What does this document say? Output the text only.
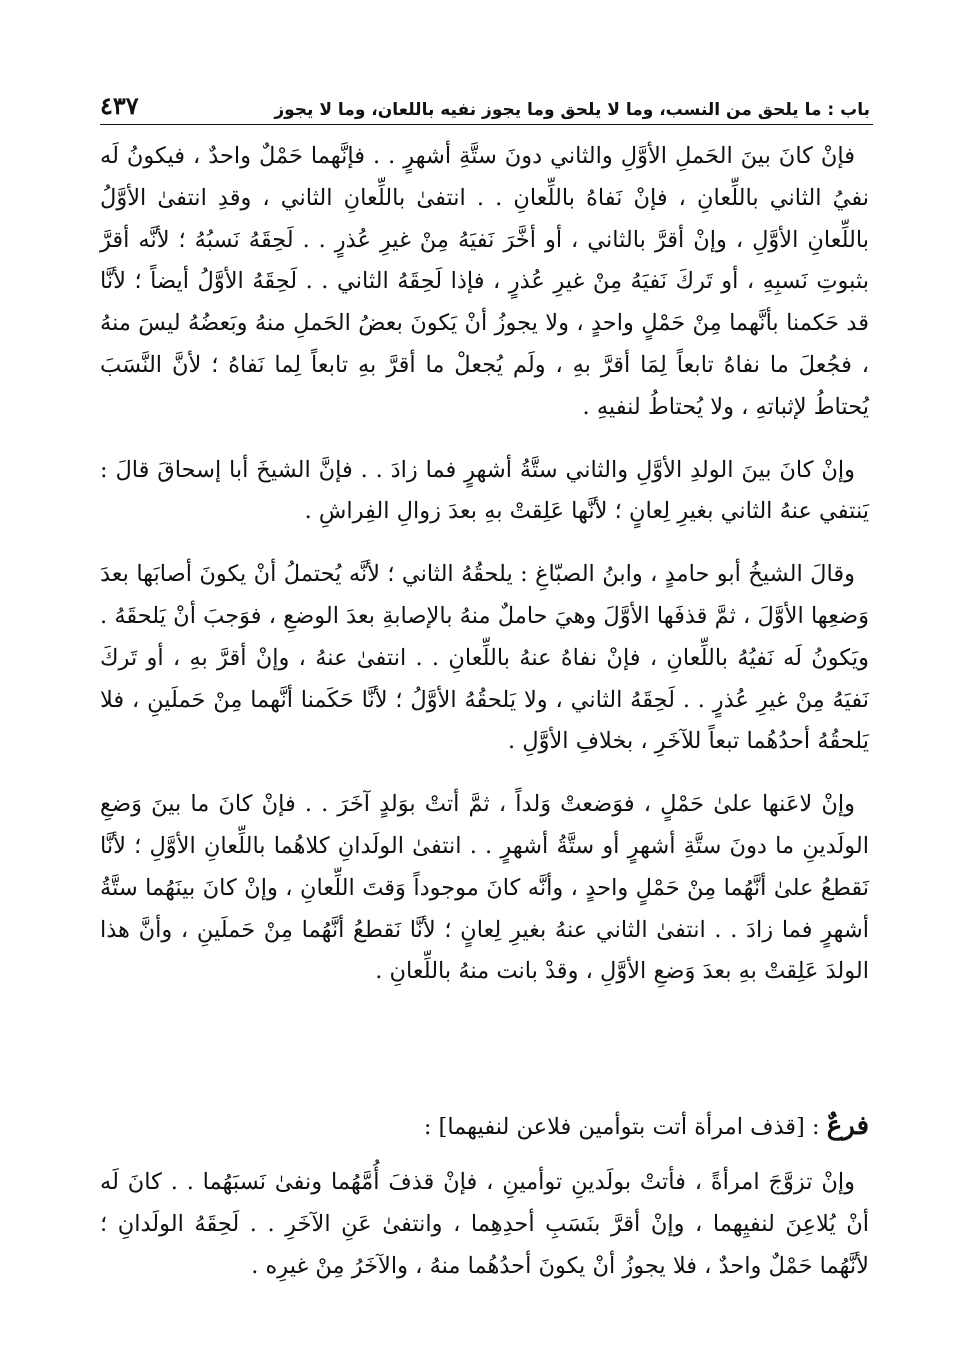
باب : ما يلحق من النسب، وما لا يلحق وما يجوز نفيه باللعان، وما لا يجوز
٤٣٧

فإنْ كانَ بينَ الحَملِ الأوَّلِ والثاني دونَ ستَّةِ أشهرٍ . . فإنَّهما حَمْلٌ واحدٌ ، فيكونُ لَه نفيُ الثاني باللِّعانِ ، فإنْ نَفاهُ باللِّعانِ . . انتفىٰ باللِّعانِ الثاني ، وقدِ انتفىٰ الأوَّلُ باللِّعانِ الأوَّلِ ، وإنْ أقرَّ بالثاني ، أو أخَّرَ نَفيَهُ مِنْ غيرِ عُذرٍ . . لَحِقَهُ نَسبُهُ ؛ لأنَّه أقرَّ بثبوتِ نَسبِهِ ، أو تَركَ نَفيَهُ مِنْ غيرِ عُذرٍ ، فإذا لَحِقَهُ الثاني . . لَحِقَهُ الأوَّلُ أيضاً ؛ لأنَّا قد حَكمنا بأنَّهما مِنْ حَمْلٍ واحدٍ ، ولا يجوزُ أنْ يَكونَ بعضُ الحَملِ منهُ وبَعضُهُ ليسَ منهُ ، فجُعلَ ما نفاهُ تابعاً لِمَا أقرَّ بهِ ، ولَم يُجعلْ ما أقرَّ بهِ تابعاً لِما نَفاهُ ؛ لأنَّ النَّسَبَ يُحتاطُ لإثباتهِ ، ولا يُحتاطُ لنفيهِ .

وإنْ كانَ بينَ الولدِ الأوَّلِ والثاني ستَّةُ أشهرٍ فما زادَ . . فإنَّ الشيخَ أبا إسحاقَ قالَ : يَنتفي عنهُ الثاني بغيرِ لِعانٍ ؛ لأنَّها عَلِقتْ بهِ بعدَ زوالِ الفِراشِ .

وقالَ الشيخُ أبو حامدٍ ، وابنُ الصبّاغِ : يلحقُهُ الثاني ؛ لأنَّه يُحتملُ أنْ يكونَ أصابَها بعدَ وَضعِها الأوَّلَ ، ثمَّ قذفَها الأوَّلَ وهيَ حاملٌ منهُ بالإصابةِ بعدَ الوضعِ ، فوَجبَ أنْ يَلحقَهُ . ويَكونُ لَه نَفيُهُ باللِّعانِ ، فإنْ نفاهُ عنهُ باللِّعانِ . . انتفىٰ عنهُ ، وإنْ أقرَّ بهِ ، أو تَركَ نَفيَهُ مِنْ غيرِ عُذرٍ . . لَحِقَهُ الثاني ، ولا يَلحقُهُ الأوَّلُ ؛ لأنَّا حَكَمنا أنَّهما مِنْ حَملَينِ ، فلا يَلحقُهُ أحدُهُما تبعاً للآخَرِ ، بخلافِ الأوَّلِ .

وإنْ لاعَنها علىٰ حَمْلٍ ، فوَضعتْ وَلداً ، ثمَّ أتتْ بوَلدٍ آخَرَ . . فإنْ كانَ ما بينَ وَضعِ الولَدينِ ما دونَ ستَّةِ أشهرٍ أو ستَّةُ أشهرٍ . . انتفىٰ الولَدانِ كلاهُما باللِّعانِ الأوَّلِ ؛ لأنَّا نَقطعُ علىٰ أنَّهُما مِنْ حَمْلٍ واحدٍ ، وأنَّه كانَ موجوداً وَقتَ اللِّعانِ ، وإنْ كانَ بينَهُما ستَّةُ أشهرٍ فما زادَ . . انتفىٰ الثاني عنهُ بغيرِ لِعانٍ ؛ لأنَّا نَقطعُ أنَّهُما مِنْ حَملَينِ ، وأنَّ هذا الولدَ عَلِقتْ بهِ بعدَ وَضعِ الأوَّلِ ، وقدْ بانت منهُ باللِّعانِ .

فرعٌ : [قذف امرأة أتت بتوأمين فلاعن لنفيهما] :

وإنْ تزوَّجَ امرأةً ، فأتتْ بولَدينِ توأمينِ ، فإنْ قذفَ أُمَّهُما ونفىٰ نَسبَهُما . . كانَ لَه أنْ يُلاعِنَ لنفيِهما ، وإنْ أقرَّ بنَسَبِ أحدِهِما ، وانتفىٰ عَنِ الآخَرِ . . لَحِقَهُ الولَدانِ ؛ لأنَّهُما حَمْلٌ واحدٌ ، فلا يجوزُ أنْ يكونَ أحدُهُما منهُ ، والآخَرُ مِنْ غيرِه .
